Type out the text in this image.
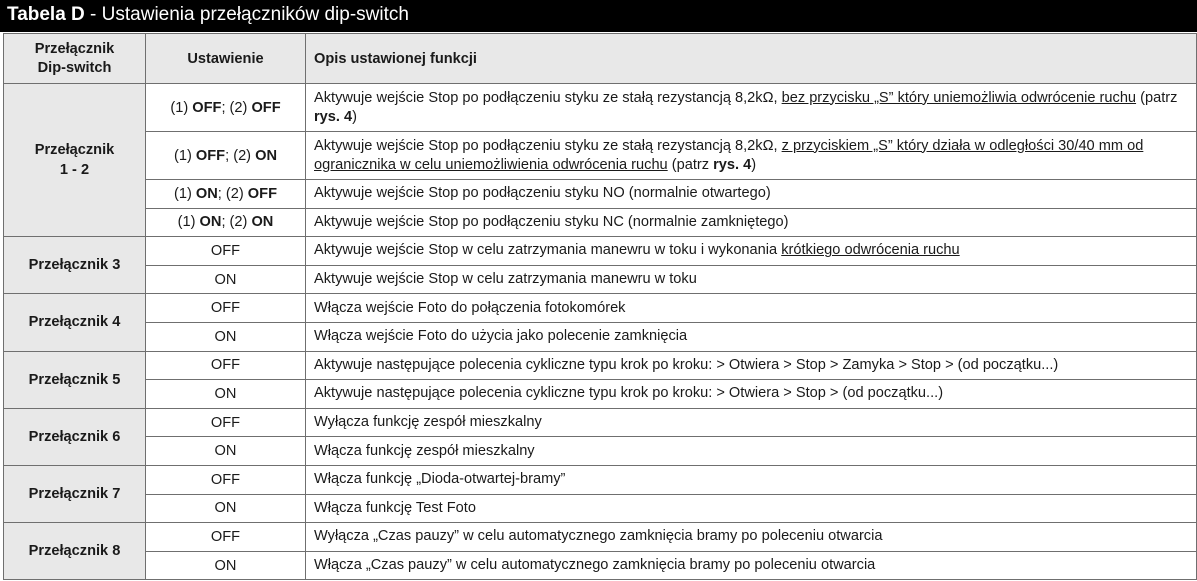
Tabela D - Ustawienia przełączników dip-switch
Przełącznik
Dip-switch	Ustawienie	Opis ustawionej funkcji
Przełącznik
1 - 2	(1) OFF; (2) OFF	Aktywuje wejście Stop po podłączeniu styku ze stałą rezystancją 8,2kΩ, bez przycisku „S” który uniemożliwia odwrócenie ruchu (patrz rys. 4)
	(1) OFF; (2) ON	Aktywuje wejście Stop po podłączeniu styku ze stałą rezystancją 8,2kΩ, z przyciskiem „S” który działa w odległości 30/40 mm od ogranicznika w celu uniemożliwienia odwrócenia ruchu (patrz rys. 4)
	(1) ON; (2) OFF	Aktywuje wejście Stop po podłączeniu styku NO (normalnie otwartego)
	(1) ON; (2) ON	Aktywuje wejście Stop po podłączeniu styku NC (normalnie zamkniętego)
Przełącznik 3	OFF	Aktywuje wejście Stop w celu zatrzymania manewru w toku i wykonania krótkiego odwrócenia ruchu
	ON	Aktywuje wejście Stop w celu zatrzymania manewru w toku
Przełącznik 4	OFF	Włącza wejście Foto do połączenia fotokomórek
	ON	Włącza wejście Foto do użycia jako polecenie zamknięcia
Przełącznik 5	OFF	Aktywuje następujące polecenia cykliczne typu krok po kroku: > Otwiera > Stop > Zamyka > Stop > (od początku...)
	ON	Aktywuje następujące polecenia cykliczne typu krok po kroku: > Otwiera > Stop > (od początku...)
Przełącznik 6	OFF	Wyłącza funkcję zespół mieszkalny
	ON	Włącza funkcję zespół mieszkalny
Przełącznik 7	OFF	Włącza funkcję „Dioda-otwartej-bramy”
	ON	Włącza funkcję Test Foto
Przełącznik 8	OFF	Wyłącza „Czas pauzy” w celu automatycznego zamknięcia bramy po poleceniu otwarcia
	ON	Włącza „Czas pauzy” w celu automatycznego zamknięcia bramy po poleceniu otwarcia
